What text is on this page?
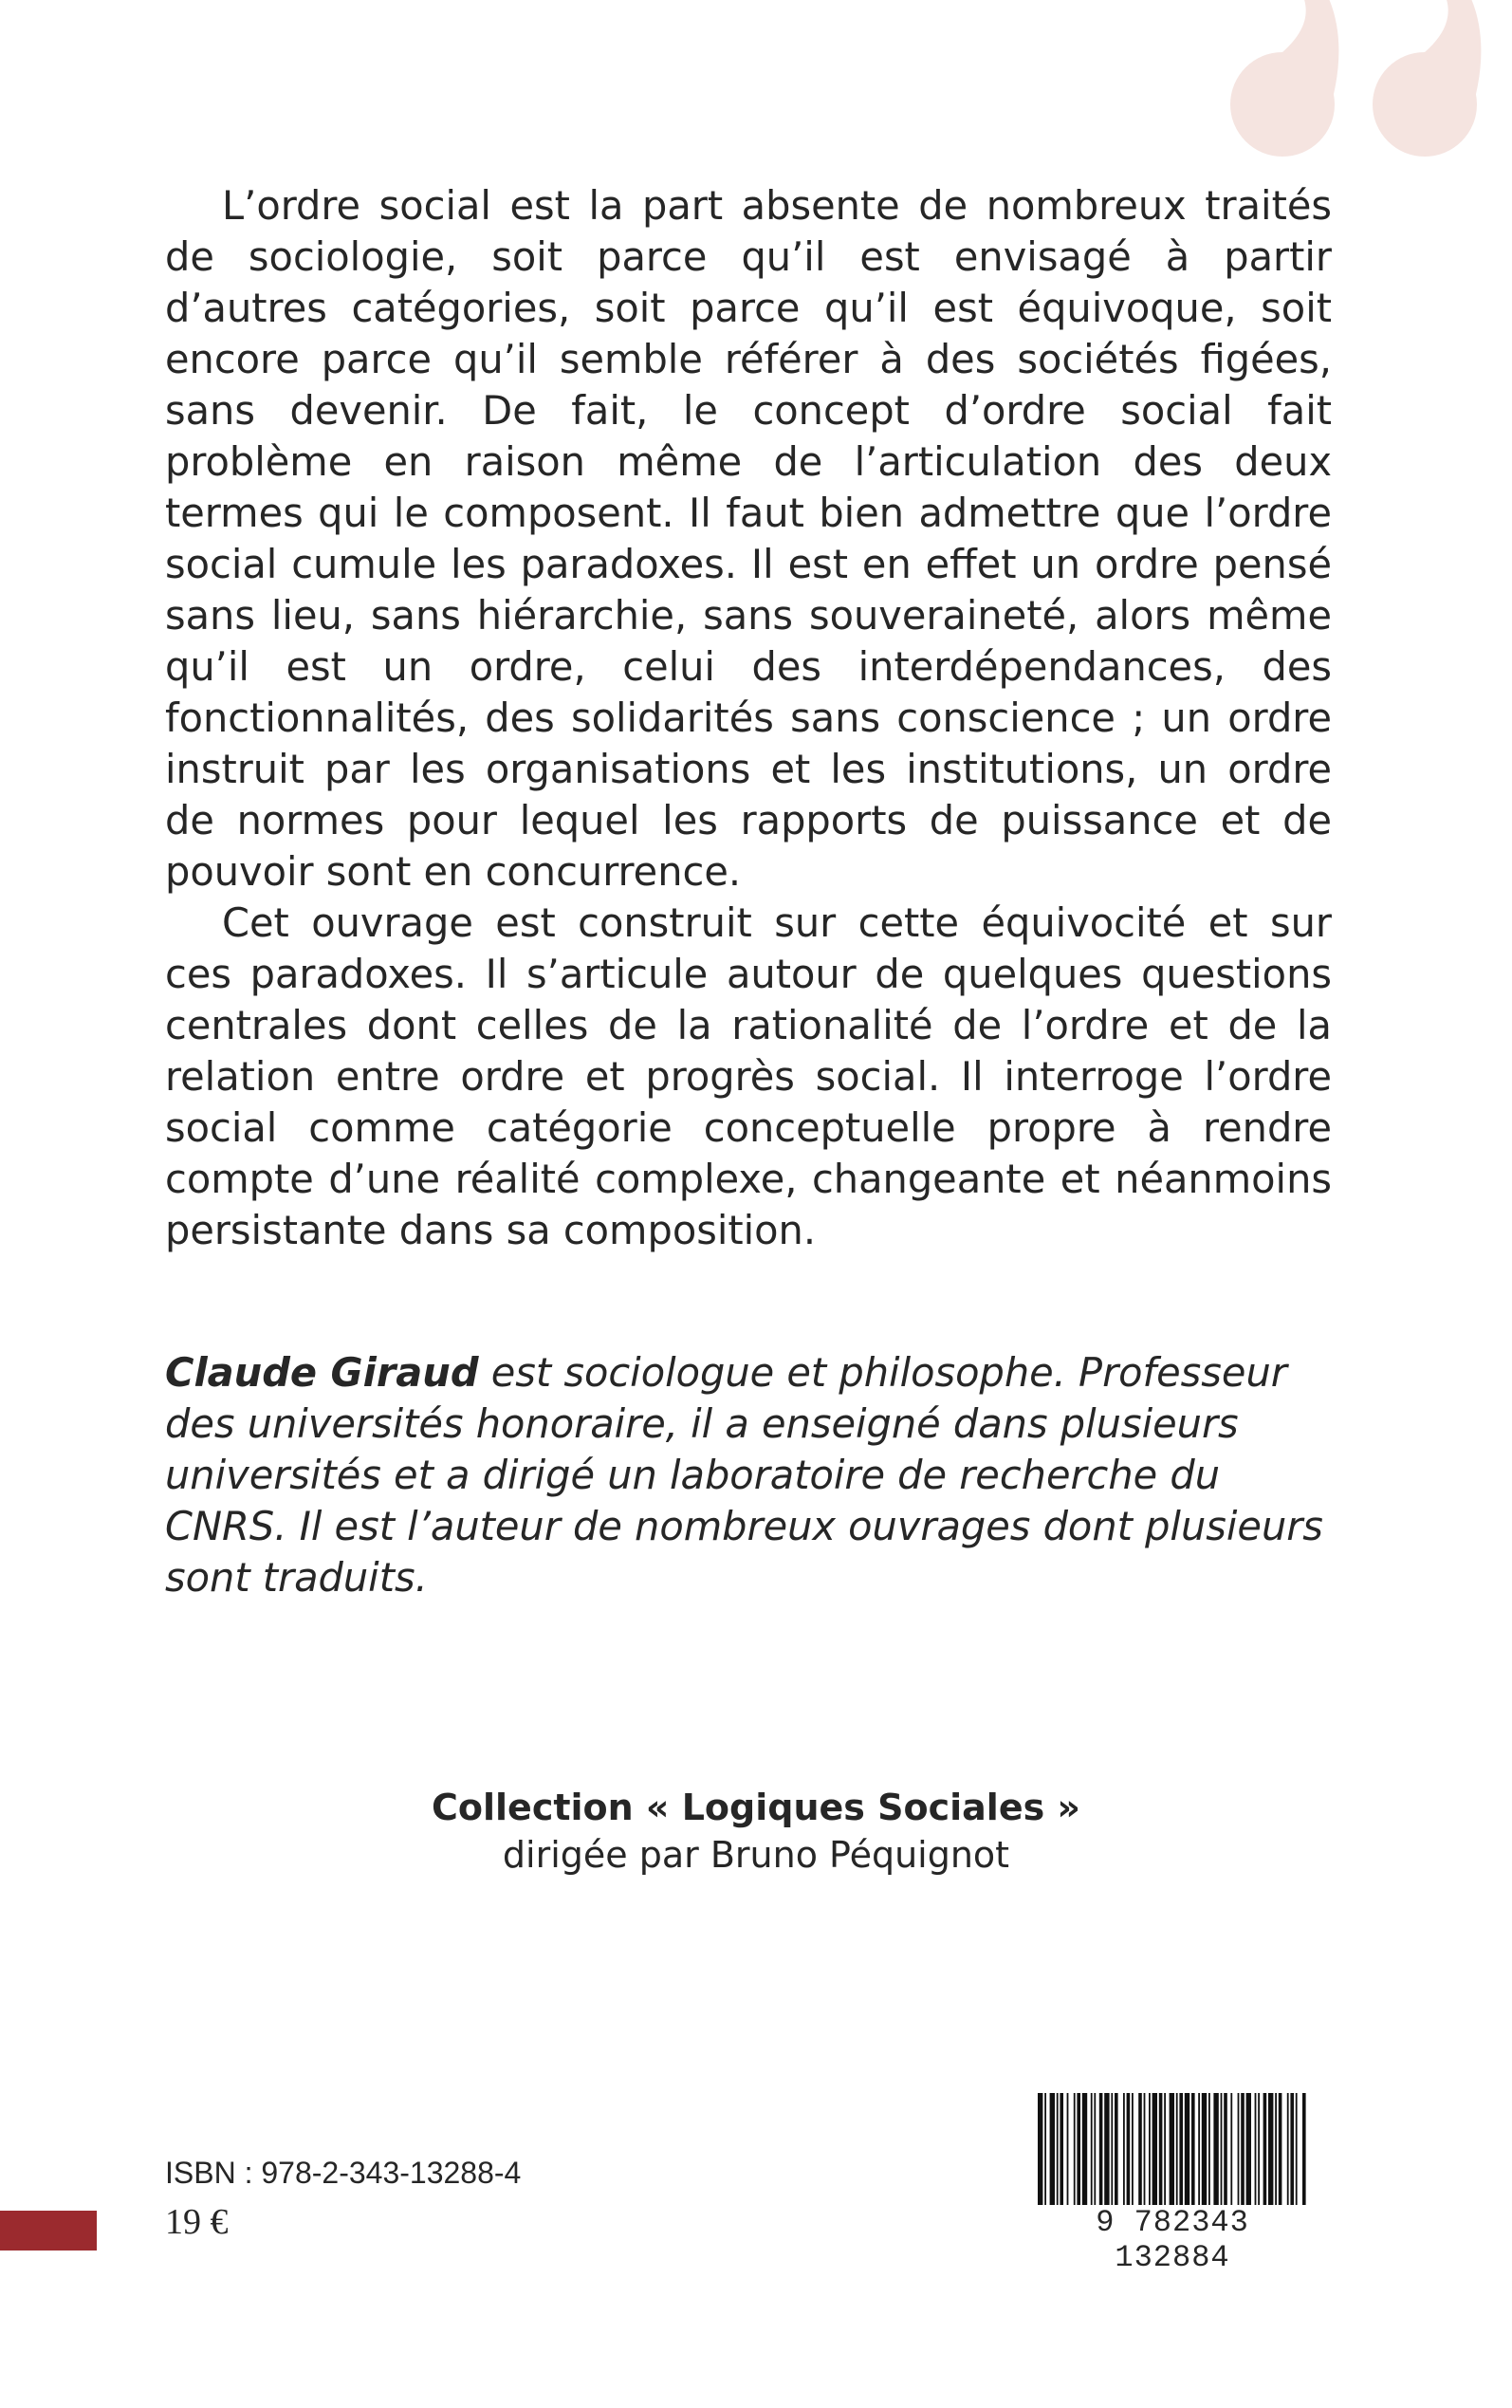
L’ordre social est la part absente de nombreux traités de sociologie, soit parce qu’il est envisagé à partir d’autres catégories, soit parce qu’il est équivoque, soit encore parce qu’il semble référer à des sociétés figées, sans devenir. De fait, le concept d’ordre social fait problème en raison même de l’articulation des deux termes qui le composent. Il faut bien admettre que l’ordre social cumule les paradoxes. Il est en effet un ordre pensé sans lieu, sans hiérarchie, sans souveraineté, alors même qu’il est un ordre, celui des interdépendances, des fonctionnalités, des solidarités sans conscience ; un ordre instruit par les organisations et les institutions, un ordre de normes pour lequel les rapports de puissance et de pouvoir sont en concurrence.

Cet ouvrage est construit sur cette équivocité et sur ces paradoxes. Il s’articule autour de quelques questions centrales dont celles de la rationalité de l’ordre et de la relation entre ordre et progrès social. Il interroge l’ordre social comme catégorie conceptuelle propre à rendre compte d’une réalité complexe, changeante et néanmoins persistante dans sa composition.

Claude Giraud est sociologue et philosophe. Professeur des universités honoraire, il a enseigné dans plusieurs universités et a dirigé un laboratoire de recherche du CNRS. Il est l’auteur de nombreux ouvrages dont plusieurs sont traduits.

Collection « Logiques Sociales »
dirigée par Bruno Péquignot
ISBN : 978-2-343-13288-4
19 €	9 782343 132884
